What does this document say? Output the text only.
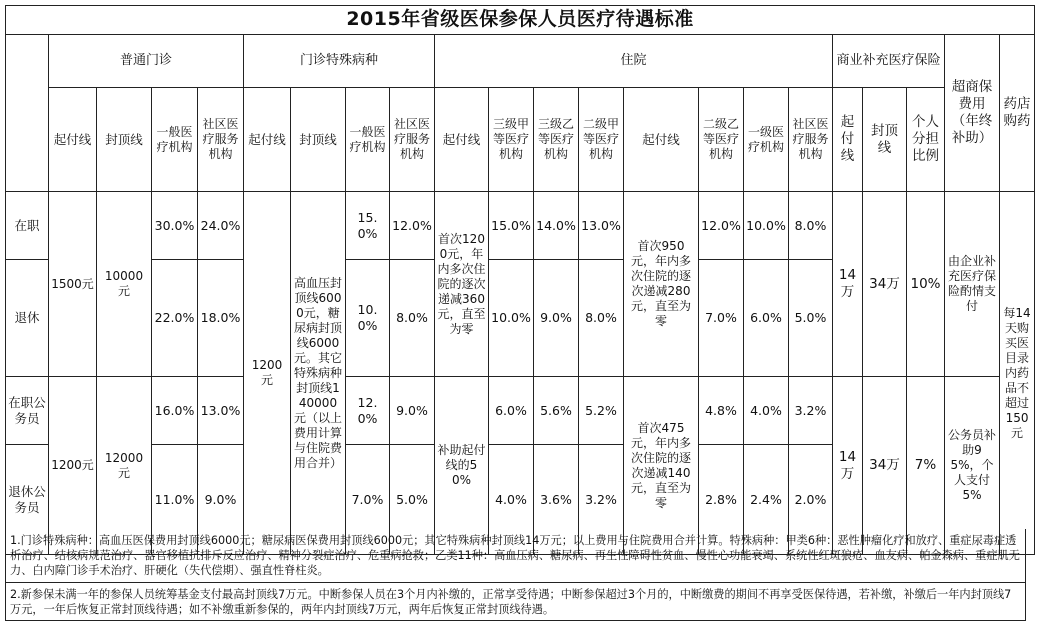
2015年省级医保参保人员医疗待遇标准																					
	普通门诊				门诊特殊病种				住院								商业补充医疗保险			超商保费用（年终补助）	药店购药
	起付线	封顶线	一般医疗机构	社区医疗服务机构	起付线	封顶线	一般医疗机构	社区医疗服务机构	起付线	三级甲等医疗机构	三级乙等医疗机构	二级甲等医疗机构	起付线	二级乙等医疗机构	一级医疗机构	社区医疗服务机构	起付线	封顶线	个人分担比例		
在职	1500元	10000元	30.0%	24.0%	1200元	高血压封顶线6000元，糖尿病封顶线6000元。其它特殊病种封顶线140000元（以上费用计算与住院费用合并）	15.0%	12.0%	首次1200元，年内多次住院的逐次递减360元，直至为零	15.0%	14.0%	13.0%	首次950元，年内多次住院的逐次递减280元，直至为零	12.0%	10.0%	8.0%	14万	34万	10%	由企业补充医疗保险酌情支付	每14天购买医目录内药品不超过150元
退休			22.0%	18.0%			10.0%	8.0%		10.0%	9.0%	8.0%		7.0%	6.0%	5.0%					
在职公务员	1200元	12000元	16.0%	13.0%			12.0%	9.0%	补助起付线的50%	6.0%	5.6%	5.2%	首次475元，年内多次住院的逐次递减140元，直至为零	4.8%	4.0%	3.2%	14万	34万	7%	公务员补助95%，个人支付5%	
退休公务员			11.0%	9.0%			7.0%	5.0%		4.0%	3.6%	3.2%		2.8%	2.4%	2.0%					
1.门诊特殊病种：高血压医保费用封顶线6000元；糖尿病医保费用封顶线6000元；其它特殊病种封顶线14万元；以上费用与住院费用合并计算。特殊病种：甲类6种：恶性肿瘤化疗和放疗、重症尿毒症透析治疗、结核病规范治疗、器官移植抗排斥反应治疗、精神分裂症治疗、危重病抢救；乙类11种：高血压病、糖尿病、再生性障碍性贫血、慢性心功能衰竭、系统性红斑狼疮、血友病、帕金森病、重症肌无力、白内障门诊手术治疗、肝硬化（失代偿期）、强直性脊柱炎。
2.新参保未满一年的参保人员统筹基金支付最高封顶线7万元。中断参保人员在3个月内补缴的，正常享受待遇；中断参保超过3个月的，中断缴费的期间不再享受医保待遇，若补缴，补缴后一年内封顶线7万元，一年后恢复正常封顶线待遇；如不补缴重新参保的，两年内封顶线7万元，两年后恢复正常封顶线待遇。
